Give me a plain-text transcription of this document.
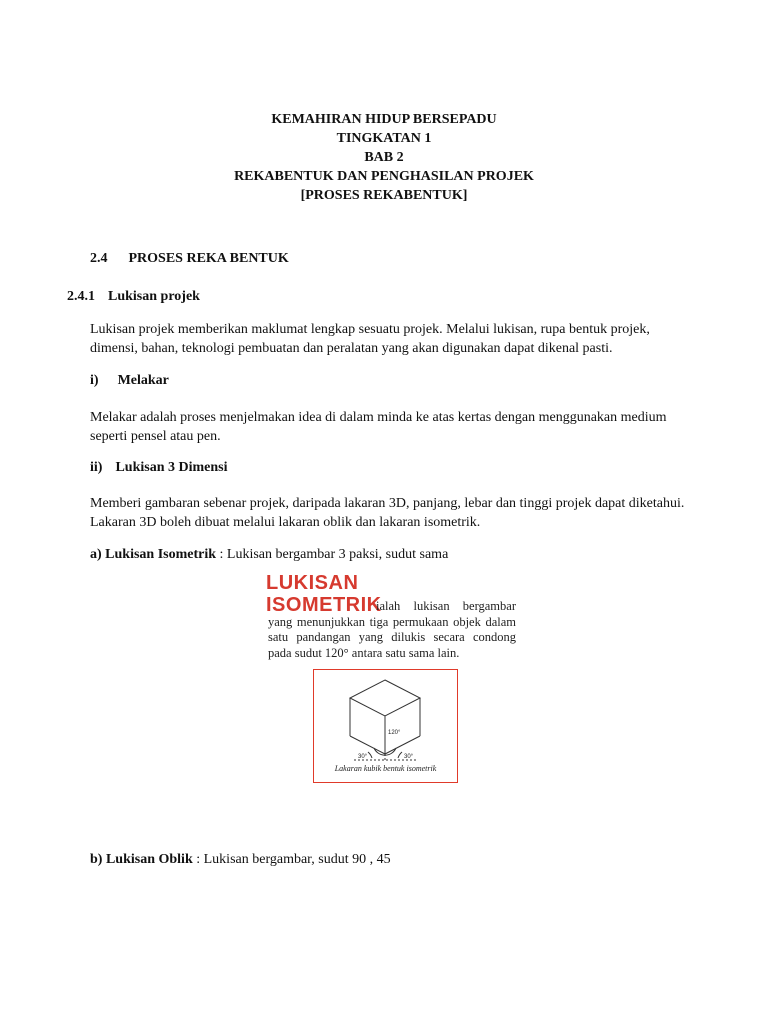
KEMAHIRAN HIDUP BERSEPADU
TINGKATAN 1
BAB 2
REKABENTUK DAN PENGHASILAN PROJEK
[PROSES REKABENTUK]
2.4 PROSES REKA BENTUK
2.4.1 Lukisan projek
Lukisan projek memberikan maklumat lengkap sesuatu projek. Melalui lukisan, rupa bentuk projek, dimensi, bahan, teknologi pembuatan dan peralatan yang akan digunakan dapat dikenal pasti.
i) Melakar
Melakar adalah proses menjelmakan idea di dalam minda ke atas kertas dengan menggunakan medium seperti pensel atau pen.
ii) Lukisan 3 Dimensi
Memberi gambaran sebenar projek, daripada lakaran 3D, panjang, lebar dan tinggi projek dapat diketahui. Lakaran 3D boleh dibuat melalui lakaran oblik dan lakaran isometrik.
a) Lukisan Isometrik : Lukisan bergambar 3 paksi, sudut sama
LUKISAN
ISOMETRIK
ialah lukisan bergambar yang menunjukkan tiga permukaan objek dalam satu pandangan yang dilukis secara condong pada sudut 120° antara satu sama lain.
120°
30°	30°
Lakaran kubik bentuk isometrik
b) Lukisan Oblik : Lukisan bergambar, sudut 90 , 45
